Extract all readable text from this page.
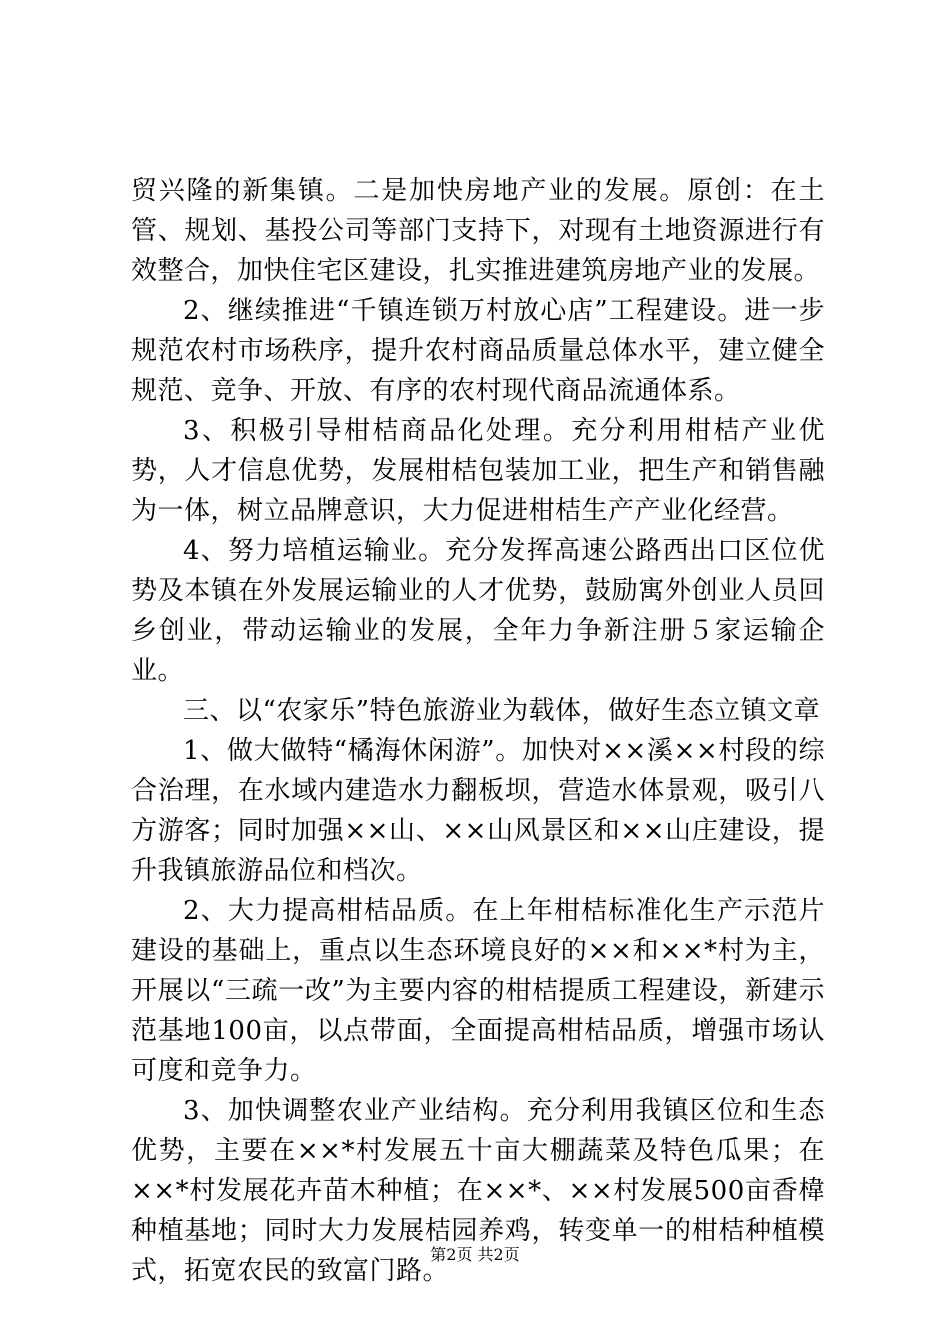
贸兴隆的新集镇。二是加快房地产业的发展。原创：在土管、规划、基投公司等部门支持下，对现有土地资源进行有效整合，加快住宅区建设，扎实推进建筑房地产业的发展。

2、继续推进“千镇连锁万村放心店”工程建设。进一步规范农村市场秩序，提升农村商品质量总体水平，建立健全规范、竞争、开放、有序的农村现代商品流通体系。

3、积极引导柑桔商品化处理。充分利用柑桔产业优势，人才信息优势，发展柑桔包装加工业，把生产和销售融为一体，树立品牌意识，大力促进柑桔生产产业化经营。

4、努力培植运输业。充分发挥高速公路西出口区位优势及本镇在外发展运输业的人才优势，鼓励寓外创业人员回乡创业，带动运输业的发展，全年力争新注册５家运输企业。

三、以“农家乐”特色旅游业为载体，做好生态立镇文章

1、做大做特“橘海休闲游”。加快对××溪××村段的综合治理，在水域内建造水力翻板坝，营造水体景观，吸引八方游客；同时加强××山、××山风景区和××山庄建设，提升我镇旅游品位和档次。

2、大力提高柑桔品质。在上年柑桔标准化生产示范片建设的基础上，重点以生态环境良好的××和××*村为主，开展以“三疏一改”为主要内容的柑桔提质工程建设，新建示范基地100亩，以点带面，全面提高柑桔品质，增强市场认可度和竞争力。

3、加快调整农业产业结构。充分利用我镇区位和生态优势，主要在××*村发展五十亩大棚蔬菜及特色瓜果；在××*村发展花卉苗木种植；在××*、××村发展500亩香椲种植基地；同时大力发展桔园养鸡，转变单一的柑桔种植模式，拓宽农民的致富门路。

第2页 共2页
